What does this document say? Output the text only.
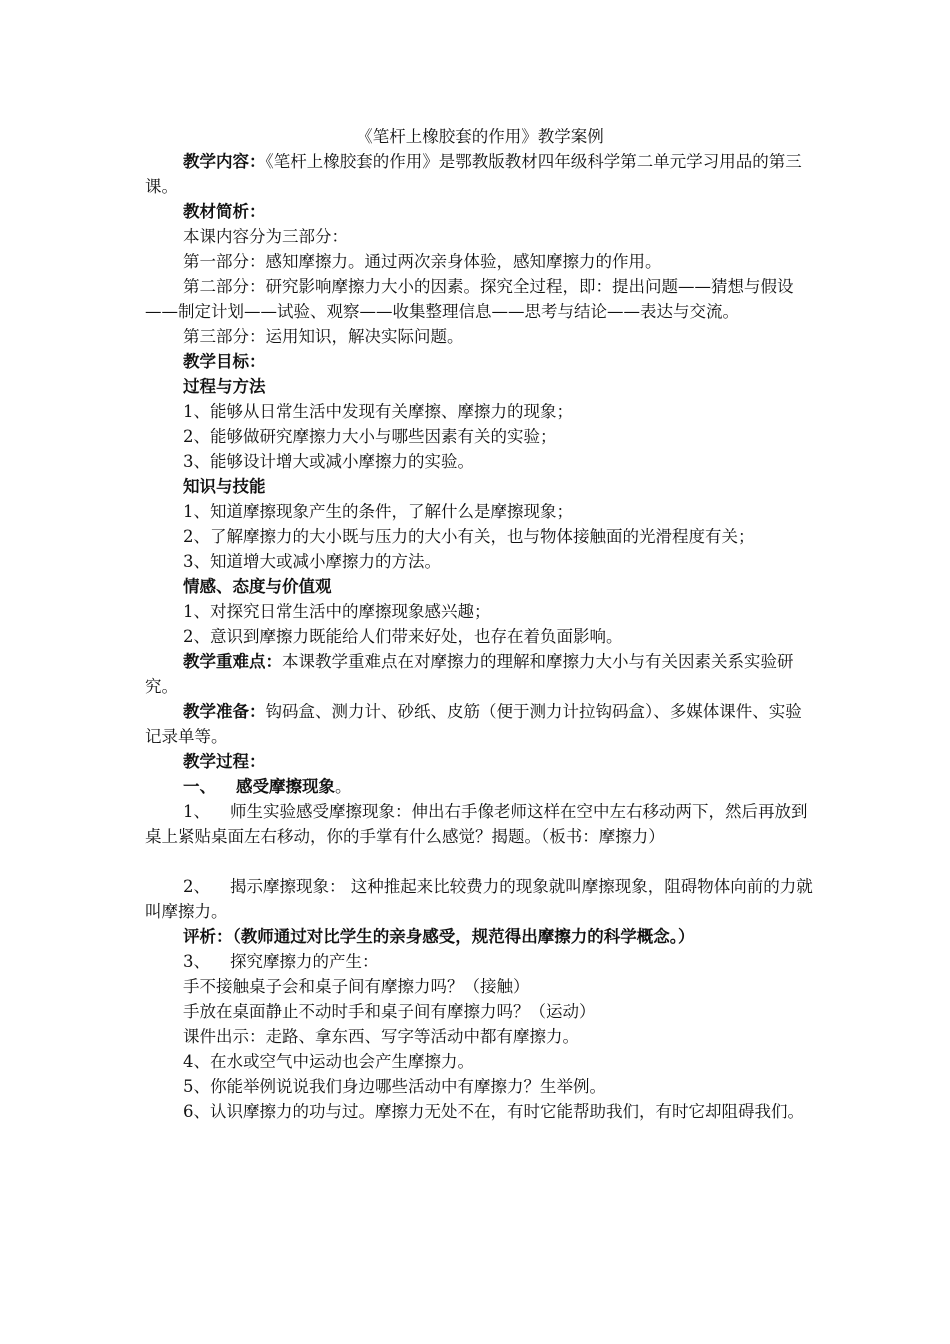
《笔杆上橡胶套的作用》教学案例

教学内容：《笔杆上橡胶套的作用》是鄂教版教材四年级科学第二单元学习用品的第三课。

教材简析：

本课内容分为三部分：

第一部分：感知摩擦力。通过两次亲身体验，感知摩擦力的作用。

第二部分：研究影响摩擦力大小的因素。探究全过程，即：提出问题——猜想与假设——制定计划——试验、观察——收集整理信息——思考与结论——表达与交流。

第三部分：运用知识，解决实际问题。

教学目标：

过程与方法

1、能够从日常生活中发现有关摩擦、摩擦力的现象；

2、能够做研究摩擦力大小与哪些因素有关的实验；

3、能够设计增大或减小摩擦力的实验。

知识与技能

1、知道摩擦现象产生的条件，了解什么是摩擦现象；

2、了解摩擦力的大小既与压力的大小有关，也与物体接触面的光滑程度有关；

3、知道增大或减小摩擦力的方法。

情感、态度与价值观

1、对探究日常生活中的摩擦现象感兴趣；

2、意识到摩擦力既能给人们带来好处，也存在着负面影响。

教学重难点：本课教学重难点在对摩擦力的理解和摩擦力大小与有关因素关系实验研究。

教学准备：钩码盒、测力计、砂纸、皮筋（便于测力计拉钩码盒）、多媒体课件、实验记录单等。

教学过程：

一、 感受摩擦现象。

1、 师生实验感受摩擦现象：伸出右手像老师这样在空中左右移动两下，然后再放到桌上紧贴桌面左右移动，你的手掌有什么感觉？揭题。（板书：摩擦力）

2、 揭示摩擦现象： 这种推起来比较费力的现象就叫摩擦现象，阻碍物体向前的力就叫摩擦力。

评析：（教师通过对比学生的亲身感受，规范得出摩擦力的科学概念。）

3、 探究摩擦力的产生：

手不接触桌子会和桌子间有摩擦力吗？（接触）

手放在桌面静止不动时手和桌子间有摩擦力吗？（运动）

课件出示：走路、拿东西、写字等活动中都有摩擦力。

4、在水或空气中运动也会产生摩擦力。

5、你能举例说说我们身边哪些活动中有摩擦力？生举例。

6、认识摩擦力的功与过。摩擦力无处不在，有时它能帮助我们，有时它却阻碍我们。
